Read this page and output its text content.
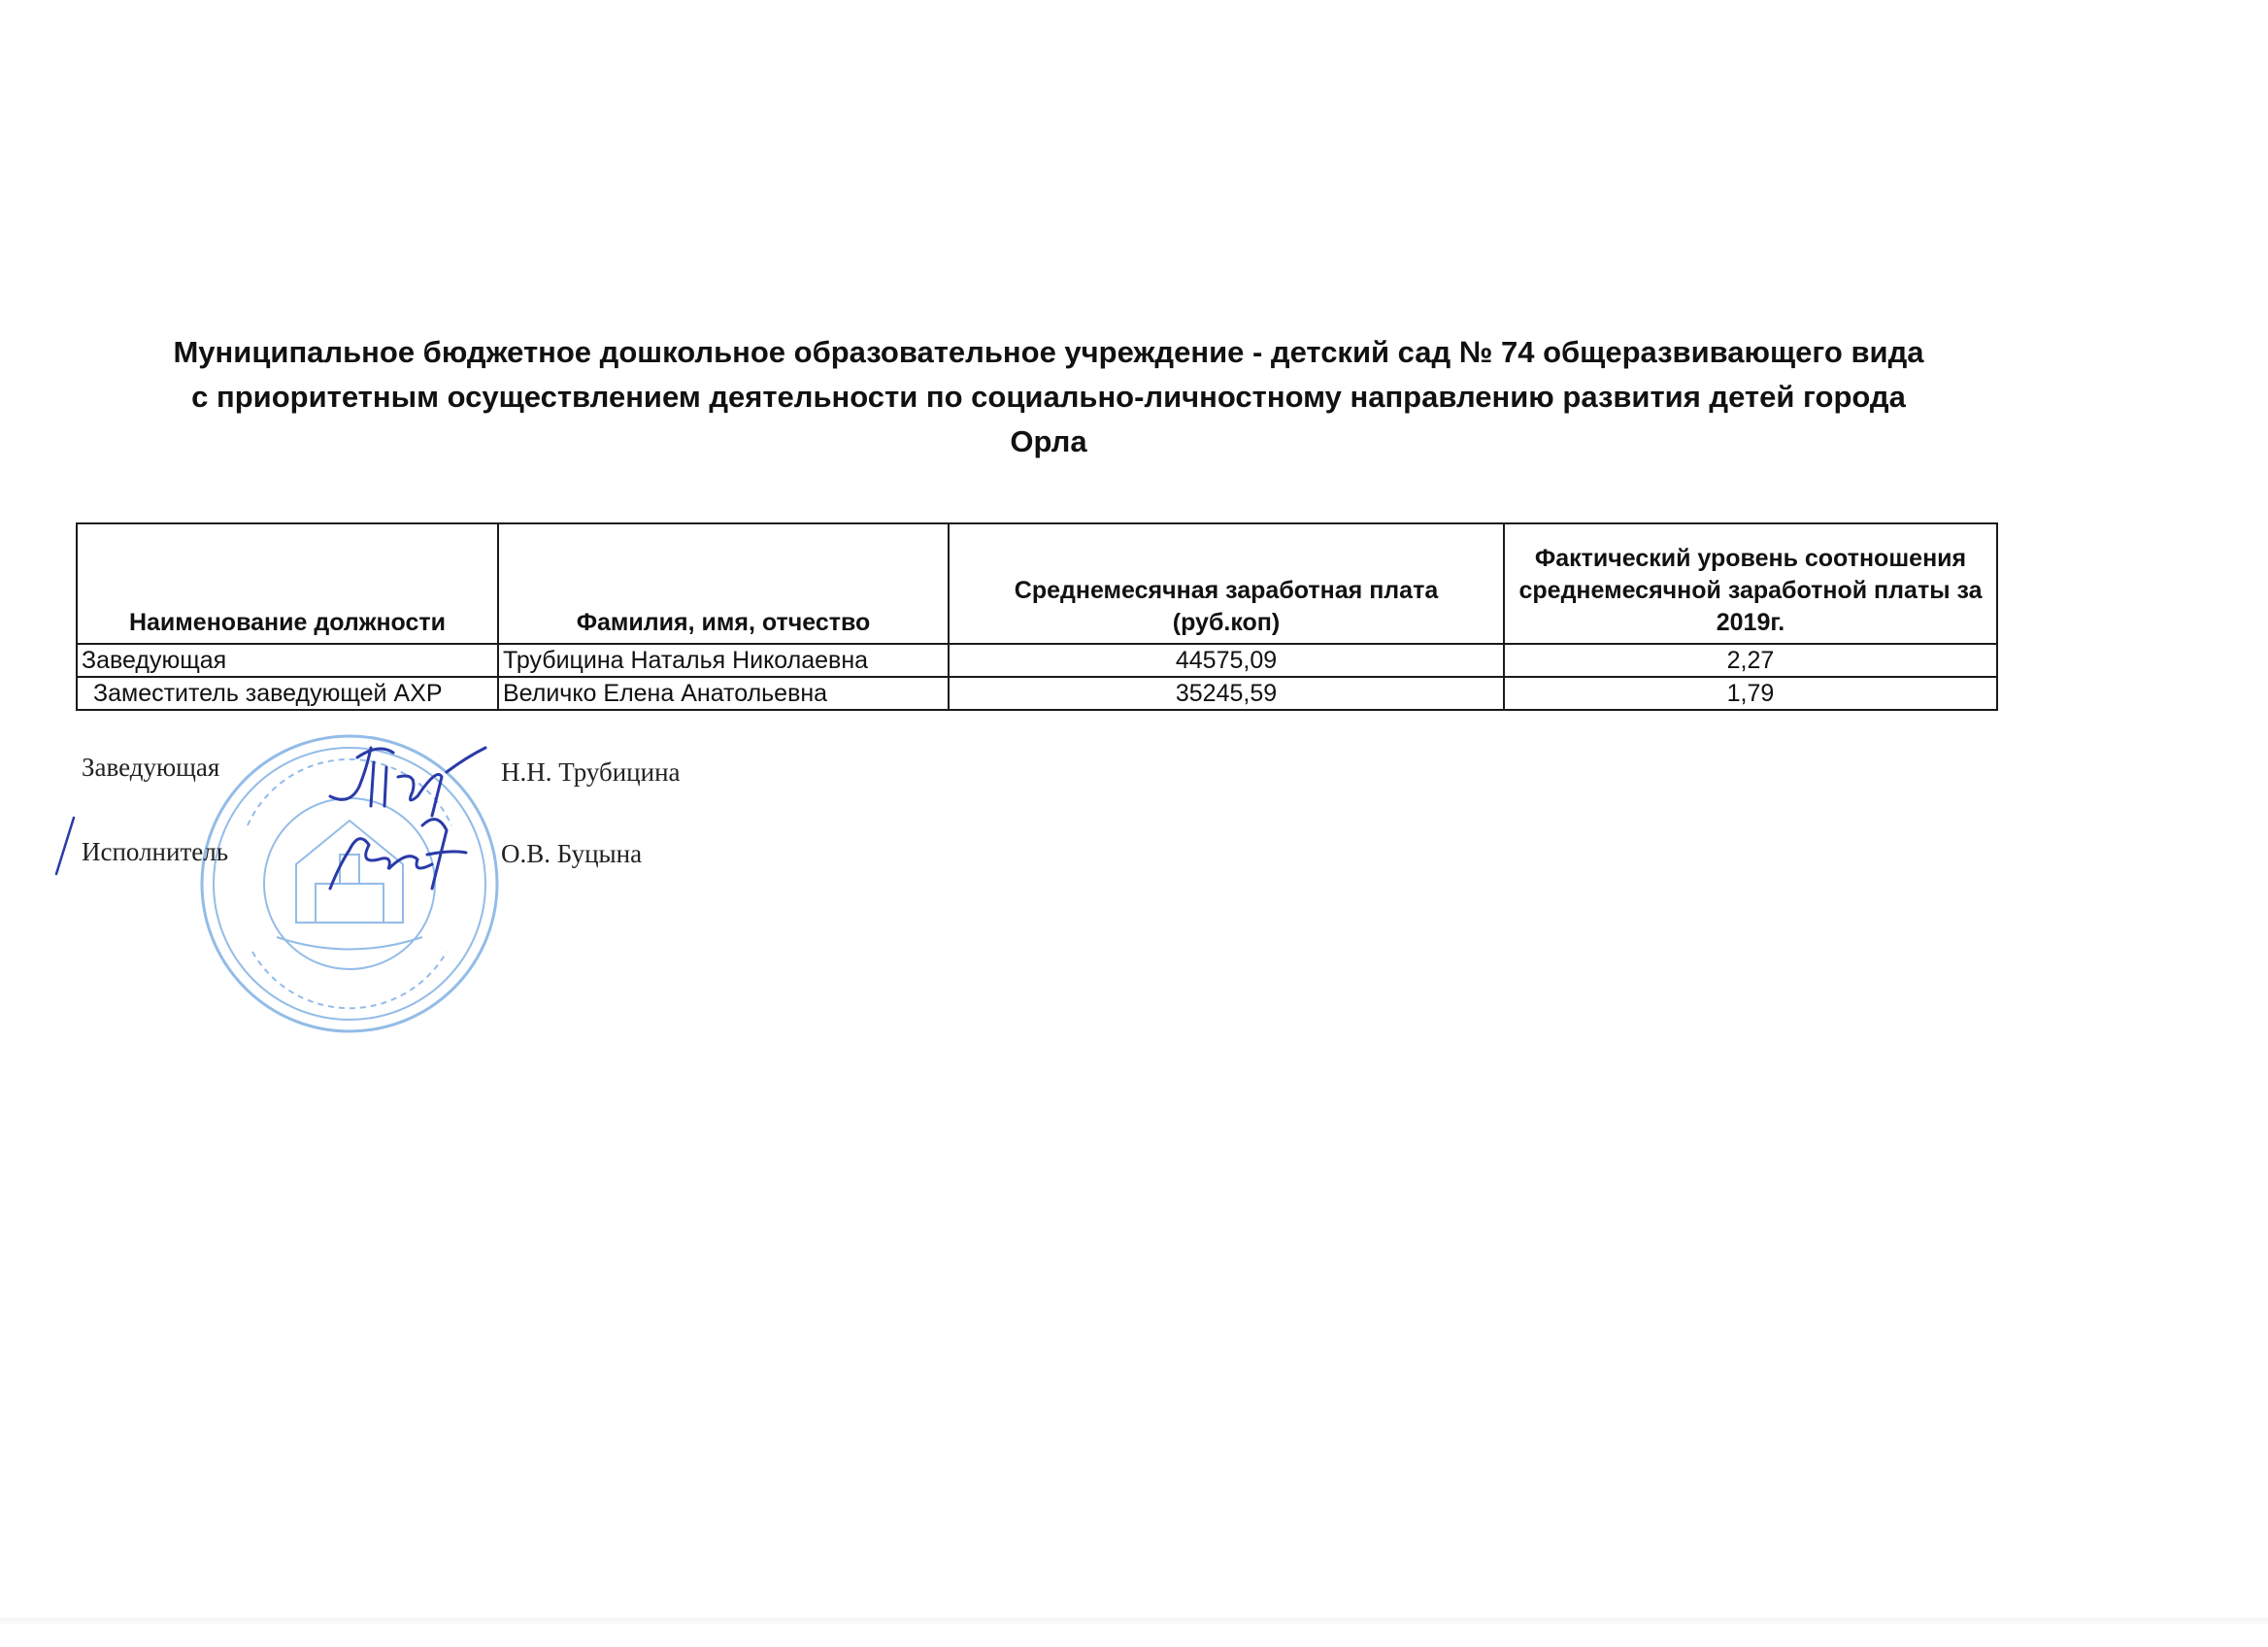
Муниципальное бюджетное дошкольное образовательное учреждение - детский сад № 74 общеразвивающего вида
с приоритетным осуществлением деятельности по социально-личностному направлению развития детей города
Орла
Наименование должности	Фамилия, имя, отчество	Среднемесячная заработная плата (руб.коп)	Фактический уровень соотношения среднемесячной заработной платы за 2019г.
Заведующая	Трубицина Наталья Николаевна	44575,09	2,27
Заместитель заведующей АХР	Величко Елена Анатольевна	35245,59	1,79
Заведующая	Н.Н. Трубицина
Исполнитель	О.В. Буцына
